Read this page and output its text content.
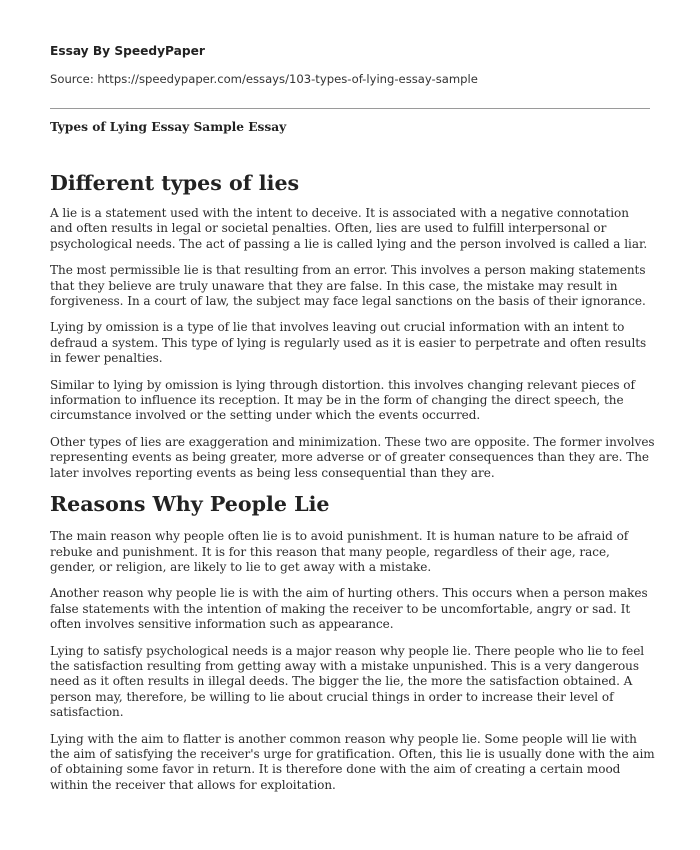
Essay By SpeedyPaper
Source: https://speedypaper.com/essays/103-types-of-lying-essay-sample
Types of Lying Essay Sample Essay
Different types of lies

A lie is a statement used with the intent to deceive. It is associated with a negative connotation and often results in legal or societal penalties. Often, lies are used to fulfill interpersonal or psychological needs. The act of passing a lie is called lying and the person involved is called a liar.

The most permissible lie is that resulting from an error. This involves a person making statements that they believe are truly unaware that they are false. In this case, the mistake may result in forgiveness. In a court of law, the subject may face legal sanctions on the basis of their ignorance.

Lying by omission is a type of lie that involves leaving out crucial information with an intent to defraud a system. This type of lying is regularly used as it is easier to perpetrate and often results in fewer penalties.

Similar to lying by omission is lying through distortion. this involves changing relevant pieces of information to influence its reception. It may be in the form of changing the direct speech, the circumstance involved or the setting under which the events occurred.

Other types of lies are exaggeration and minimization. These two are opposite. The former involves representing events as being greater, more adverse or of greater consequences than they are. The later involves reporting events as being less consequential than they are.

Reasons Why People Lie

The main reason why people often lie is to avoid punishment. It is human nature to be afraid of rebuke and punishment. It is for this reason that many people, regardless of their age, race, gender, or religion, are likely to lie to get away with a mistake.

Another reason why people lie is with the aim of hurting others. This occurs when a person makes false statements with the intention of making the receiver to be uncomfortable, angry or sad. It often involves sensitive information such as appearance.

Lying to satisfy psychological needs is a major reason why people lie. There people who lie to feel the satisfaction resulting from getting away with a mistake unpunished. This is a very dangerous need as it often results in illegal deeds. The bigger the lie, the more the satisfaction obtained. A person may, therefore, be willing to lie about crucial things in order to increase their level of satisfaction.

Lying with the aim to flatter is another common reason why people lie. Some people will lie with the aim of satisfying the receiver's urge for gratification. Often, this lie is usually done with the aim of obtaining some favor in return. It is therefore done with the aim of creating a certain mood within the receiver that allows for exploitation.
